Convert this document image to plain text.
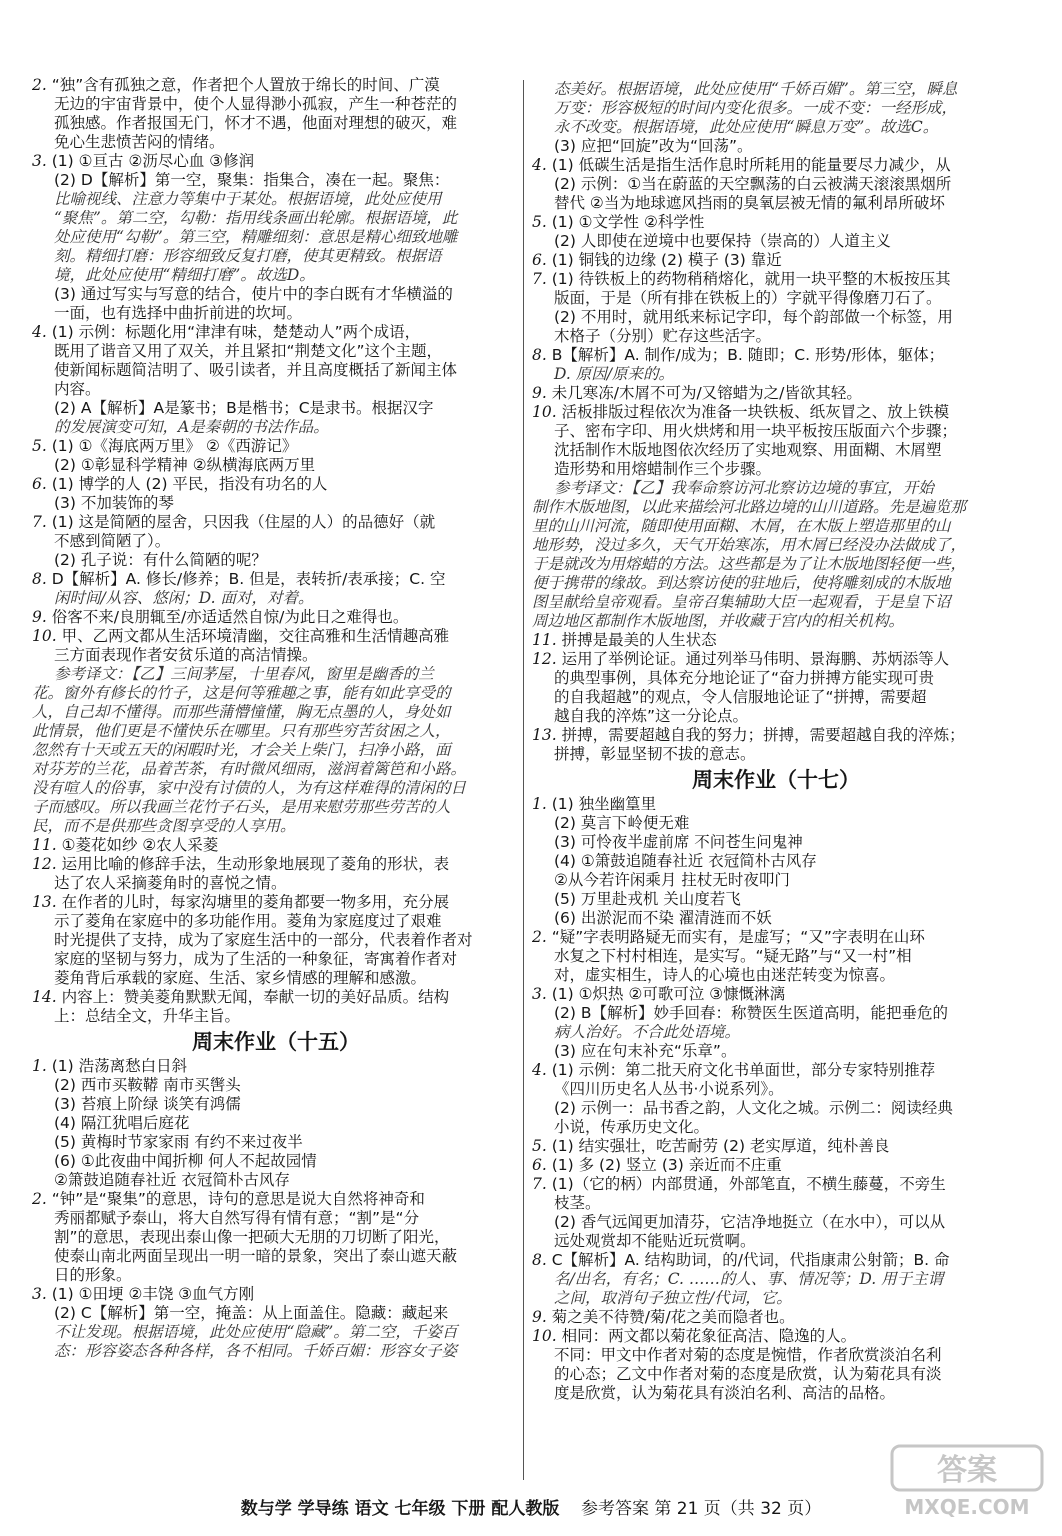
2. “独”含有孤独之意，作者把个人置放于绵长的时间、广漠
无边的宇宙背景中，使个人显得渺小孤寂，产生一种苍茫的
孤独感。作者报国无门，怀才不遇，他面对理想的破灭，难
免心生悲愤苦闷的情绪。
3. (1) ①亘古 ②沥尽心血 ③修润
(2) D【解析】第一空，聚集：指集合，凑在一起。聚焦：
比喻视线、注意力等集中于某处。根据语境，此处应使用
“聚焦”。第二空，勾勒：指用线条画出轮廓。根据语境，此
处应使用“勾勒”。第三空，精雕细刻：意思是精心细致地雕
刻。精细打磨：形容细致反复打磨，使其更精致。根据语
境，此处应使用“精细打磨”。故选D。
(3) 通过写实与写意的结合，使片中的李白既有才华横溢的
一面，也有选择中曲折前进的坎坷。
4. (1) 示例：标题化用“津津有味，楚楚动人”两个成语，
既用了谐音又用了双关，并且紧扣“荆楚文化”这个主题，
使新闻标题简洁明了、吸引读者，并且高度概括了新闻主体
内容。
(2) A【解析】A是篆书；B是楷书；C是隶书。根据汉字
的发展演变可知，A是秦朝的书法作品。
5. (1) ①《海底两万里》 ②《西游记》
(2) ①彰显科学精神 ②纵横海底两万里
6. (1) 博学的人 (2) 平民，指没有功名的人
(3) 不加装饰的琴
7. (1) 这是简陋的屋舍，只因我（住屋的人）的品德好（就
不感到简陋了）。
(2) 孔子说：有什么简陋的呢？
8. D【解析】A. 修长/修养；B. 但是，表转折/表承接；C. 空
闲时间/从容、悠闲；D. 面对，对着。
9. 俗客不来/良朋辄至/亦适适然自惊/为此日之难得也。
10. 甲、乙两文都从生活环境清幽，交往高雅和生活情趣高雅
三方面表现作者安贫乐道的高洁情操。
参考译文：【乙】三间茅屋，十里春风，窗里是幽香的兰
花。窗外有修长的竹子，这是何等雅趣之事，能有如此享受的
人，自己却不懂得。而那些蒲懵憧懂，胸无点墨的人，身处如
此情景，他们更是不懂快乐在哪里。只有那些穷苦贫困之人，
忽然有十天或五天的闲暇时光，才会关上柴门，扫净小路，面
对芬芳的兰花，品着苦茶，有时微风细雨，滋润着篱笆和小路。
没有喧人的俗事，家中没有讨债的人，为有这样难得的清闲的日
子而感叹。所以我画兰花竹子石头，是用来慰劳那些劳苦的人
民，而不是供那些贪图享受的人享用。
11. ①菱花如纱 ②农人采菱
12. 运用比喻的修辞手法，生动形象地展现了菱角的形状，表
达了农人采摘菱角时的喜悦之情。
13. 在作者的儿时，每家沟塘里的菱角都要一物多用，充分展
示了菱角在家庭中的多功能作用。菱角为家庭度过了艰难
时光提供了支持，成为了家庭生活中的一部分，代表着作者对
家庭的坚韧与努力，成为了生活的一种象征，寄寓着作者对
菱角背后承载的家庭、生活、家乡情感的理解和感激。
14. 内容上：赞美菱角默默无闻，奉献一切的美好品质。结构
上：总结全文，升华主旨。
周末作业（十五）
1. (1) 浩荡离愁白日斜
(2) 西市买鞍鞯 南市买辔头
(3) 苔痕上阶绿 谈笑有鸿儒
(4) 隔江犹唱后庭花
(5) 黄梅时节家家雨 有约不来过夜半
(6) ①此夜曲中闻折柳 何人不起故园情
②箫鼓追随春社近 衣冠简朴古风存
2. “钟”是“聚集”的意思，诗句的意思是说大自然将神奇和
秀丽都赋予泰山，将大自然写得有情有意；“割”是“分
割”的意思，表现出泰山像一把硕大无朋的刀切断了阳光，
使泰山南北两面呈现出一明一暗的景象，突出了泰山遮天蔽
日的形象。
3. (1) ①田埂 ②丰饶 ③血气方刚
(2) C【解析】第一空，掩盖：从上面盖住。隐藏：藏起来
不让发现。根据语境，此处应使用“隐藏”。第二空，千姿百
态：形容姿态各种各样，各不相同。千娇百媚：形容女子姿
态美好。根据语境，此处应使用“千娇百媚”。第三空，瞬息
万变：形容极短的时间内变化很多。一成不变：一经形成，
永不改变。根据语境，此处应使用“瞬息万变”。故选C。
(3) 应把“回旋”改为“回荡”。
4. (1) 低碳生活是指生活作息时所耗用的能量要尽力减少，从
(2) 示例：①当在蔚蓝的天空飘荡的白云被满天滚滚黑烟所
替代 ②当为地球遮风挡雨的臭氧层被无情的氟利昂所破坏
5. (1) ①文学性 ②科学性
(2) 人即使在逆境中也要保持（崇高的）人道主义
6. (1) 铜钱的边缘 (2) 模子 (3) 靠近
7. (1) 待铁板上的药物稍稍熔化，就用一块平整的木板按压其
版面，于是（所有排在铁板上的）字就平得像磨刀石了。
(2) 不用时，就用纸来标记字印，每个韵部做一个标签，用
木格子（分别）贮存这些活字。
8. B【解析】A. 制作/成为；B. 随即；C. 形势/形体，躯体；
D. 原因/原来的。
9. 未几寒冻/木屑不可为/又镕蜡为之/皆欲其轻。
10. 活板排版过程依次为准备一块铁板、纸灰冒之、放上铁模
子、密布字印、用火烘烤和用一块平板按压版面六个步骤；
沈括制作木版地图依次经历了实地观察、用面糊、木屑塑
造形势和用熔蜡制作三个步骤。
参考译文：【乙】我奉命察访河北察访边境的事宜，开始
制作木版地图，以此来描绘河北路边境的山川道路。先是遍览那
里的山川河流，随即使用面糊、木屑，在木版上塑造那里的山
地形势，没过多久，天气开始寒冻，用木屑已经没办法做成了，
于是就改为用熔蜡的方法。这些都是为了让木版地图轻便一些，
便于携带的缘故。到达察访使的驻地后，使将雕刻成的木版地
图呈献给皇帝观看。皇帝召集辅助大臣一起观看，于是皇下诏
周边地区都制作木版地图，并收藏于宫内的相关机构。
11. 拼搏是最美的人生状态
12. 运用了举例论证。通过列举马伟明、景海鹏、苏炳添等人
的典型事例，具体充分地论证了“奋力拼搏方能实现可贵
的自我超越”的观点，令人信服地论证了“拼搏，需要超
越自我的淬炼”这一分论点。
13. 拼搏，需要超越自我的努力；拼搏，需要超越自我的淬炼；
拼搏，彰显坚韧不拔的意志。
周末作业（十七）
1. (1) 独坐幽篁里
(2) 莫言下岭便无难
(3) 可怜夜半虚前席 不问苍生问鬼神
(4) ①箫鼓追随春社近 衣冠简朴古风存
②从今若许闲乘月 拄杖无时夜叩门
(5) 万里赴戎机 关山度若飞
(6) 出淤泥而不染 濯清涟而不妖
2. “疑”字表明路疑无而实有，是虚写；“又”字表明在山环
水复之下村村相连，是实写。“疑无路”与“又一村”相
对，虚实相生，诗人的心境也由迷茫转变为惊喜。
3. (1) ①炽热 ②可歌可泣 ③慷慨淋漓
(2) B【解析】妙手回春：称赞医生医道高明，能把垂危的
病人治好。不合此处语境。
(3) 应在句末补充“乐章”。
4. (1) 示例：第二批天府文化书单面世，部分专家特别推荐
《四川历史名人丛书·小说系列》。
(2) 示例一：品书香之韵，人文化之城。示例二：阅读经典
小说，传承历史文化。
5. (1) 结实强壮，吃苦耐劳 (2) 老实厚道，纯朴善良
6. (1) 多 (2) 竖立 (3) 亲近而不庄重
7. (1)（它的柄）内部贯通，外部笔直，不横生藤蔓，不旁生
枝茎。
(2) 香气远闻更加清芬，它洁净地挺立（在水中），可以从
远处观赏却不能贴近玩赏啊。
8. C【解析】A. 结构助词，的/代词，代指康肃公射箭；B. 命
名/出名，有名；C. ……的人、事、情况等；D. 用于主谓
之间，取消句子独立性/代词，它。
9. 菊之美不待赞/菊/花之美而隐者也。
10. 相同：两文都以菊花象征高洁、隐逸的人。
不同：甲文中作者对菊的态度是惋惜，作者欣赏淡泊名利
的心态；乙文中作者对菊的态度是欣赏，认为菊花具有淡
度是欣赏，认为菊花具有淡泊名利、高洁的品格。
数与学 学导练 语文 七年级 下册 配人教版 参考答案 第 21 页（共 32 页）
答案
MXQE.COM
